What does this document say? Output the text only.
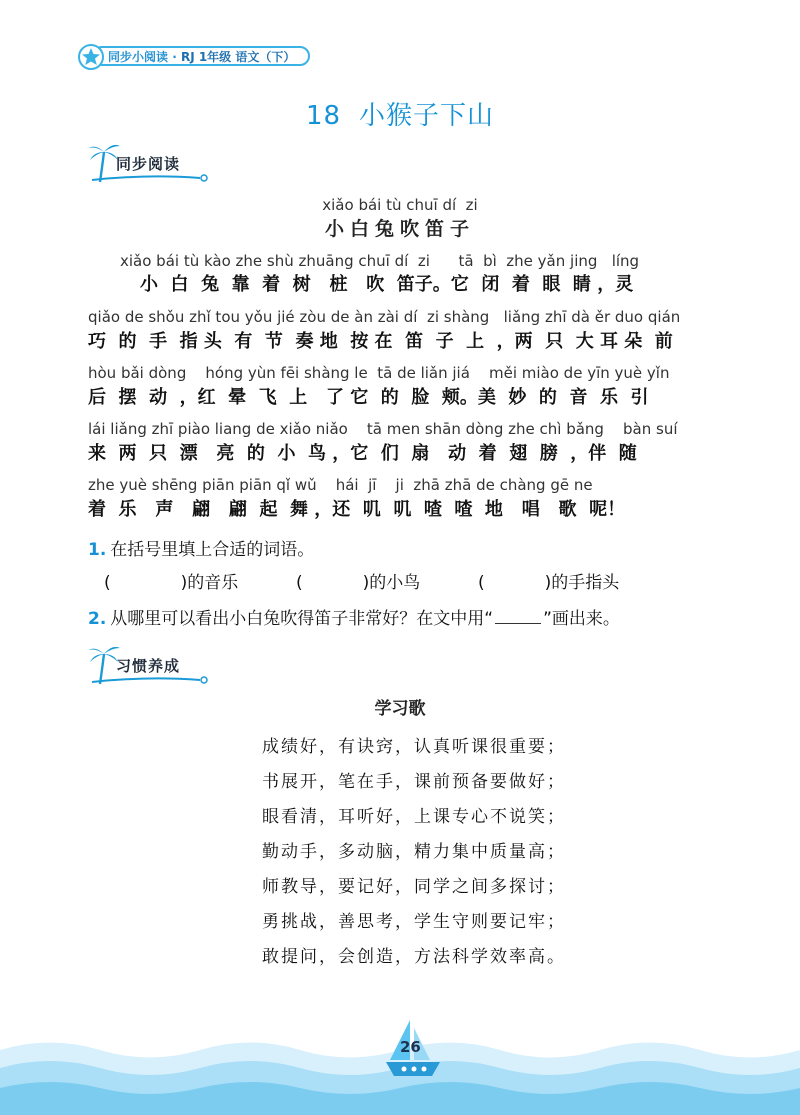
同步小阅读 · RJ 1年级 语文（下）
18 小猴子下山
同步阅读
xiǎo bái tù chuī dí  zi
小白兔吹笛子
xiǎo bái tù kào zhe shù zhuāng chuī dí  zi      tā  bì  zhe yǎn jing   líng
小  白  兔  靠  着  树   桩   吹  笛子。它  闭  着  眼  睛 ，灵
qiǎo de shǒu zhǐ tou yǒu jié zòu de àn zài dí  zi shàng   liǎng zhī dà ěr duo qián
巧  的  手  指 头  有  节  奏 地  按 在  笛  子  上  ，两  只  大 耳 朵  前
hòu bǎi dòng    hóng yùn fēi shàng le  tā de liǎn jiá    měi miào de yīn yuè yǐn
后  摆  动  ，红  晕  飞  上   了 它  的  脸  颊。美  妙  的  音  乐  引
lái liǎng zhī piào liang de xiǎo niǎo    tā men shān dòng zhe chì bǎng    bàn suí
来  两  只  漂   亮  的  小  鸟 ，它  们  扇   动  着  翅  膀  ，伴  随
zhe yuè shēng piān piān qǐ wǔ    hái  jī    ji  zhā zhā de chàng gē ne
着  乐   声   翩   翩  起  舞 ，还  叽  叽  喳  喳  地   唱   歌  呢！
1. 在括号里填上合适的词语。
(	)的音乐	(	)的小鸟	(	)的手指头
2. 从哪里可以看出小白兔吹得笛子非常好？在文中用“	”画出来。
习惯养成
学习歌
成绩好，有诀窍，认真听课很重要；
书展开，笔在手，课前预备要做好；
眼看清，耳听好，上课专心不说笑；
勤动手，多动脑，精力集中质量高；
师教导，要记好，同学之间多探讨；
勇挑战，善思考，学生守则要记牢；
敢提问，会创造，方法科学效率高。
26
